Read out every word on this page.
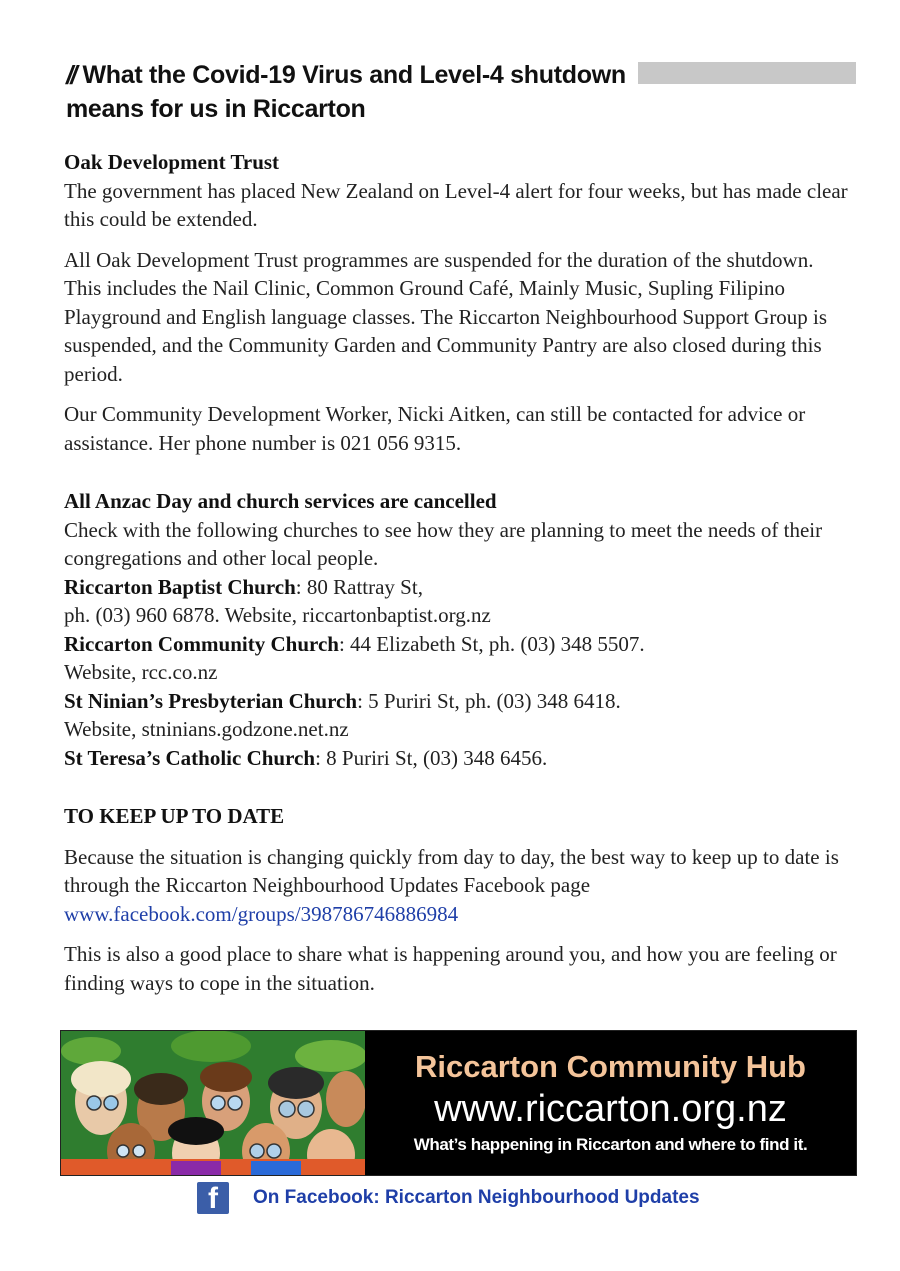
// What the Covid-19 Virus and Level-4 shutdown
means for us in Riccarton

Oak Development Trust

The government has placed New Zealand on Level-4 alert for four weeks, but has made clear this could be extended.

All Oak Development Trust programmes are suspended for the duration of the shutdown. This includes the Nail Clinic, Common Ground Café, Mainly Music, Supling Filipino Playground and English language classes. The Riccarton Neighbourhood Support Group is suspended, and the Community Garden and Community Pantry are also closed during this period.

Our Community Development Worker, Nicki Aitken, can still be contacted for advice or assistance. Her phone number is 021 056 9315.

All Anzac Day and church services are cancelled

Check with the following churches to see how they are planning to meet the needs of their congregations and other local people.

Riccarton Baptist Church: 80 Rattray St,
ph. (03) 960 6878. Website, riccartonbaptist.org.nz
Riccarton Community Church: 44 Elizabeth St, ph. (03) 348 5507.
Website, rcc.co.nz
St Ninian’s Presbyterian Church: 5 Puriri St, ph. (03) 348 6418.
Website, stninians.godzone.net.nz
St Teresa’s Catholic Church: 8 Puriri St, (03) 348 6456.

TO KEEP UP TO DATE

Because the situation is changing quickly from day to day, the best way to keep up to date is through the Riccarton Neighbourhood Updates Facebook page

www.facebook.com/groups/398786746886984

This is also a good place to share what is happening around you, and how you are feeling or finding ways to cope in the situation.

Riccarton Community Hub
www.riccarton.org.nz
What’s happening in Riccarton and where to find it.
f	On Facebook: Riccarton Neighbourhood Updates
